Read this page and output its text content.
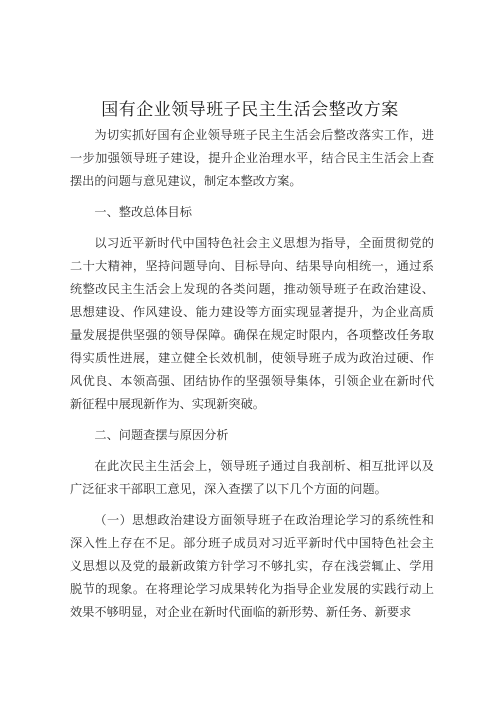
国有企业领导班子民主生活会整改方案

为切实抓好国有企业领导班子民主生活会后整改落实工作，进一步加强领导班子建设，提升企业治理水平，结合民主生活会上查摆出的问题与意见建议，制定本整改方案。

一、整改总体目标

以习近平新时代中国特色社会主义思想为指导，全面贯彻党的二十大精神，坚持问题导向、目标导向、结果导向相统一，通过系统整改民主生活会上发现的各类问题，推动领导班子在政治建设、思想建设、作风建设、能力建设等方面实现显著提升，为企业高质量发展提供坚强的领导保障。确保在规定时限内，各项整改任务取得实质性进展，建立健全长效机制，使领导班子成为政治过硬、作风优良、本领高强、团结协作的坚强领导集体，引领企业在新时代新征程中展现新作为、实现新突破。

二、问题查摆与原因分析

在此次民主生活会上，领导班子通过自我剖析、相互批评以及广泛征求干部职工意见，深入查摆了以下几个方面的问题。

（一）思想政治建设方面领导班子在政治理论学习的系统性和深入性上存在不足。部分班子成员对习近平新时代中国特色社会主义思想以及党的最新政策方针学习不够扎实，存在浅尝辄止、学用脱节的现象。在将理论学习成果转化为指导企业发展的实践行动上效果不够明显，对企业在新时代面临的新形势、新任务、新要求
